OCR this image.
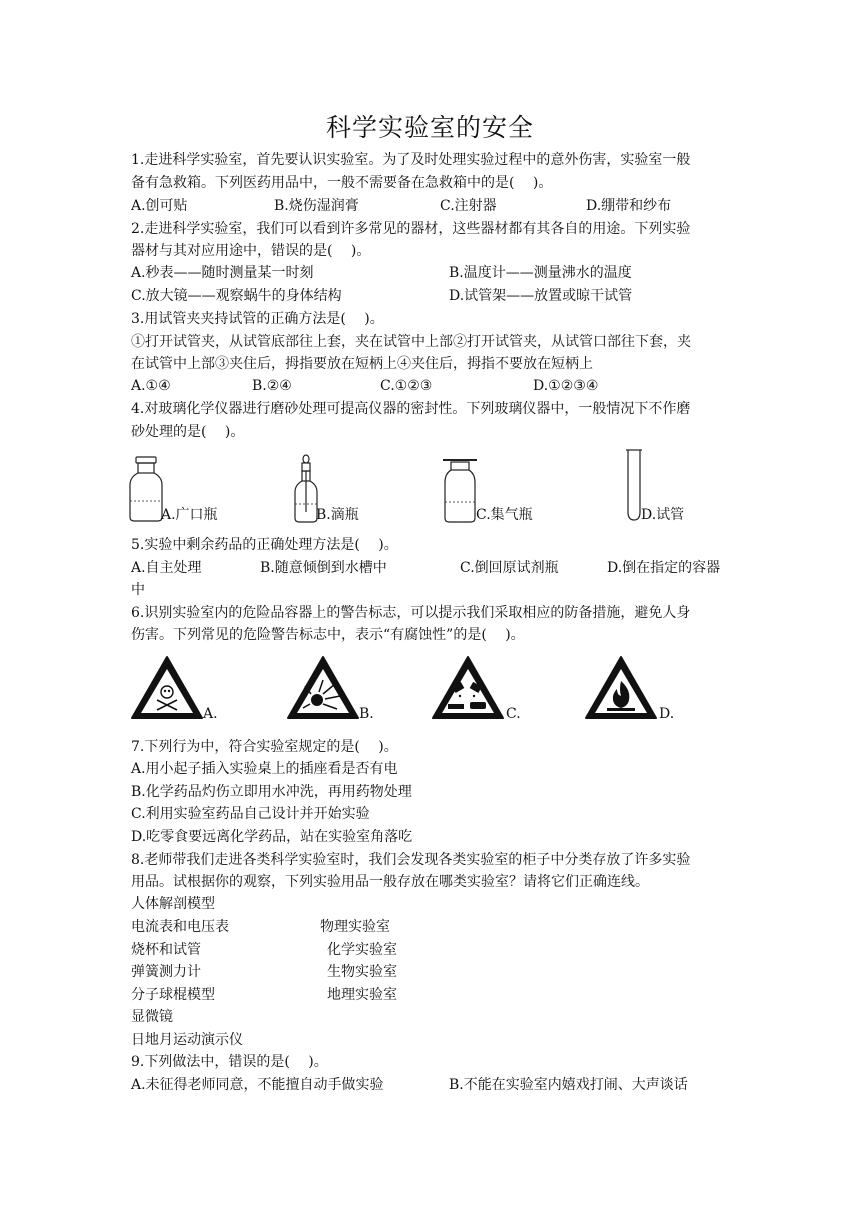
科学实验室的安全
1.走进科学实验室，首先要认识实验室。为了及时处理实验过程中的意外伤害，实验室一般
备有急救箱。下列医药用品中，一般不需要备在急救箱中的是(　 )。
A.创可贴	B.烧伤湿润膏	C.注射器	D.绷带和纱布
2.走进科学实验室，我们可以看到许多常见的器材，这些器材都有其各自的用途。下列实验
器材与其对应用途中，错误的是(　 )。
A.秒表——随时测量某一时刻	B.温度计——测量沸水的温度
C.放大镜——观察蜗牛的身体结构	D.试管架——放置或晾干试管
3.用试管夹夹持试管的正确方法是(　 )。
①打开试管夹，从试管底部往上套，夹在试管中上部②打开试管夹，从试管口部往下套，夹
在试管中上部③夹住后，拇指要放在短柄上④夹住后，拇指不要放在短柄上
A.①④	B.②④	C.①②③	D.①②③④
4.对玻璃化学仪器进行磨砂处理可提高仪器的密封性。下列玻璃仪器中，一般情况下不作磨
砂处理的是(　 )。
A.广口瓶	B.滴瓶	C.集气瓶	D.试管
5.实验中剩余药品的正确处理方法是(　 )。
A.自主处理	B.随意倾倒到水槽中	C.倒回原试剂瓶	D.倒在指定的容器
中
6.识别实验室内的危险品容器上的警告标志，可以提示我们采取相应的防备措施，避免人身
伤害。下列常见的危险警告标志中，表示“有腐蚀性”的是(　 )。
A.	B.	C.	D.
7.下列行为中，符合实验室规定的是(　 )。
A.用小起子插入实验桌上的插座看是否有电
B.化学药品灼伤立即用水冲洗，再用药物处理
C.利用实验室药品自己设计并开始实验
D.吃零食要远离化学药品，站在实验室角落吃
8.老师带我们走进各类科学实验室时，我们会发现各类实验室的柜子中分类存放了许多实验
用品。试根据你的观察，下列实验用品一般存放在哪类实验室？请将它们正确连线。
人体解剖模型
电流表和电压表
烧杯和试管
弹簧测力计
分子球棍模型
显微镜
日地月运动演示仪
物理实验室
化学实验室
生物实验室
地理实验室
9.下列做法中，错误的是(　 )。
A.未征得老师同意，不能擅自动手做实验	B.不能在实验室内嬉戏打闹、大声谈话
